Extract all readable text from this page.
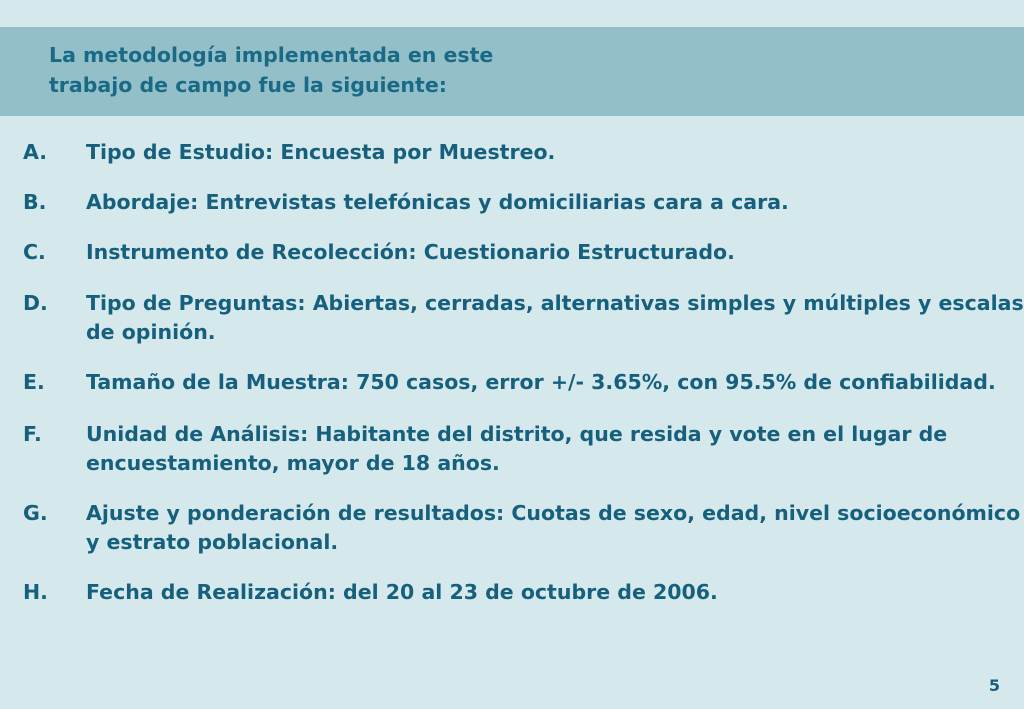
La metodología implementada en este
trabajo de campo fue la siguiente:
A. Tipo de Estudio: Encuesta por Muestreo.
B. Abordaje: Entrevistas telefónicas y domiciliarias cara a cara.
C. Instrumento de Recolección: Cuestionario Estructurado.
D. Tipo de Preguntas: Abiertas, cerradas, alternativas simples y múltiples y escalas
de opinión.
E. Tamaño de la Muestra: 750 casos, error +/- 3.65%, con 95.5% de confiabilidad.
F. Unidad de Análisis: Habitante del distrito, que resida y vote en el lugar de
encuestamiento, mayor de 18 años.
G. Ajuste y ponderación de resultados: Cuotas de sexo, edad, nivel socioeconómico
y estrato poblacional.
H. Fecha de Realización: del 20 al 23 de octubre de 2006.
5
